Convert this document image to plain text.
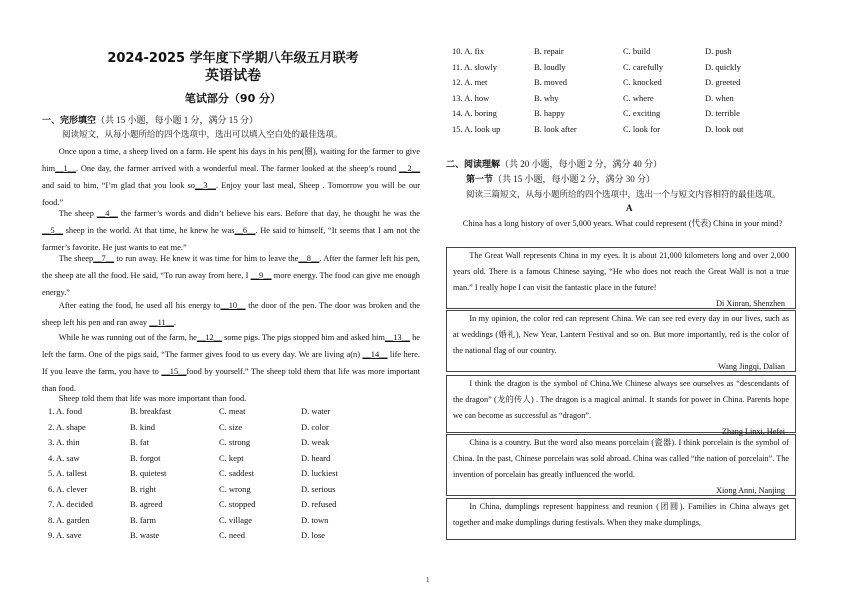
2024-2025 学年度下学期八年级五月联考
英语试卷
笔试部分（90 分）
一、完形填空（共 15 小题，每小题 1 分，满分 15 分）
阅读短文，从每小题所给的四个选项中，选出可以填入空白处的最佳选项。
Once upon a time, a sheep lived on a farm. He spent his days in his pen(圈), waiting for the farmer to give him__1__. One day, the farmer arrived with a wonderful meal. The farmer looked at the sheep’s round __2__ and said to him, “I’m glad that you look so__3__. Enjoy your last meal, Sheep . Tomorrow you will be our food.”
The sheep __4__ the farmer’s words and didn’t believe his ears. Before that day, he thought he was the __5__ sheep in the world. At that time, he knew he was__6__. He said to himself, “It seems that I am not the farmer’s favorite. He just wants to eat me.”
The sheep__7__ to run away. He knew it was time for him to leave the__8__. After the farmer left his pen, the sheep ate all the food. He said, “To run away from here, I __9__ more energy. The food can give me enough energy.”
After eating the food, he used all his energy to__10__ the door of the pen. The door was broken and the sheep left his pen and ran away __11__.
While he was running out of the farm, he__12__ some pigs. The pigs stopped him and asked him__13__ he left the farm. One of the pigs said, “The farmer gives food to us every day. We are living a(n) __14__ life here. If you leave the farm, you have to __15__food by yourself.” The sheep told them that life was more important than food.
Sheep told them that life was more important than food.
1. A. food	B. breakfast	C. meat	D. water
2. A. shape	B. kind	C. size	D. color
3. A. thin	B. fat	C. strong	D. weak
4. A. saw	B. forgot	C. kept	D. heard
5. A. tallest	B. quietest	C. saddest	D. luckiest
6. A. clever	B. right	C. wrong	D. serious
7. A. decided	B. agreed	C. stopped	D. refused
8. A. garden	B. farm	C. village	D. town
9. A. save	B. waste	C. need	D. lose
10. A. fix	B. repair	C. build	D. push
11. A. slowly	B. loudly	C. carefully	D. quickly
12. A. met	B. moved	C. knocked	D. greeted
13. A. how	B. why	C. where	D. when
14. A. boring	B. happy	C. exciting	D. terrible
15. A. look up	B. look after	C. look for	D. look out
二、阅读理解（共 20 小题，每小题 2 分，满分 40 分）
第一节（共 15 小题，每小题 2 分，满分 30 分）
阅读三篇短文，从每小题所给的四个选项中，选出一个与短文内容相符的最佳选项。
A
China has a long history of over 5,000 years. What could represent (代表) China in your mind?
The Great Wall represents China in my eyes. It is about 21,000 kilometers long and over 2,000 years old. There is a famous Chinese saying, “He who does not reach the Great Wall is not a true man.” I really hope I can visit the fantastic place in the future!
Di Xinran, Shenzhen
In my opinion, the color red can represent China. We can see red every day in our lives, such as at weddings (婚礼), New Year, Lantern Festival and so on. But more importantly, red is the color of the national flag of our country.
Wang Jingqi, Dalian
I think the dragon is the symbol of China.We Chinese always see ourselves as “descendants of the dragon” (龙的传人) . The dragon is a magical animal. It stands for power in China. Parents hope we can become as successful as “dragon”.
Zhang Linxi, Hefei
China is a country. But the word also means porcelain (瓷器). I think porcelain is the symbol of China. In the past, Chinese porcelain was sold abroad. China was called “the nation of porcelain”. The invention of porcelain has greatly influenced the world.
Xiong Anni, Nanjing
In China, dumplings represent happiness and reunion (团圆). Families in China always get together and make dumplings during festivals. When they make dumplings,
1
